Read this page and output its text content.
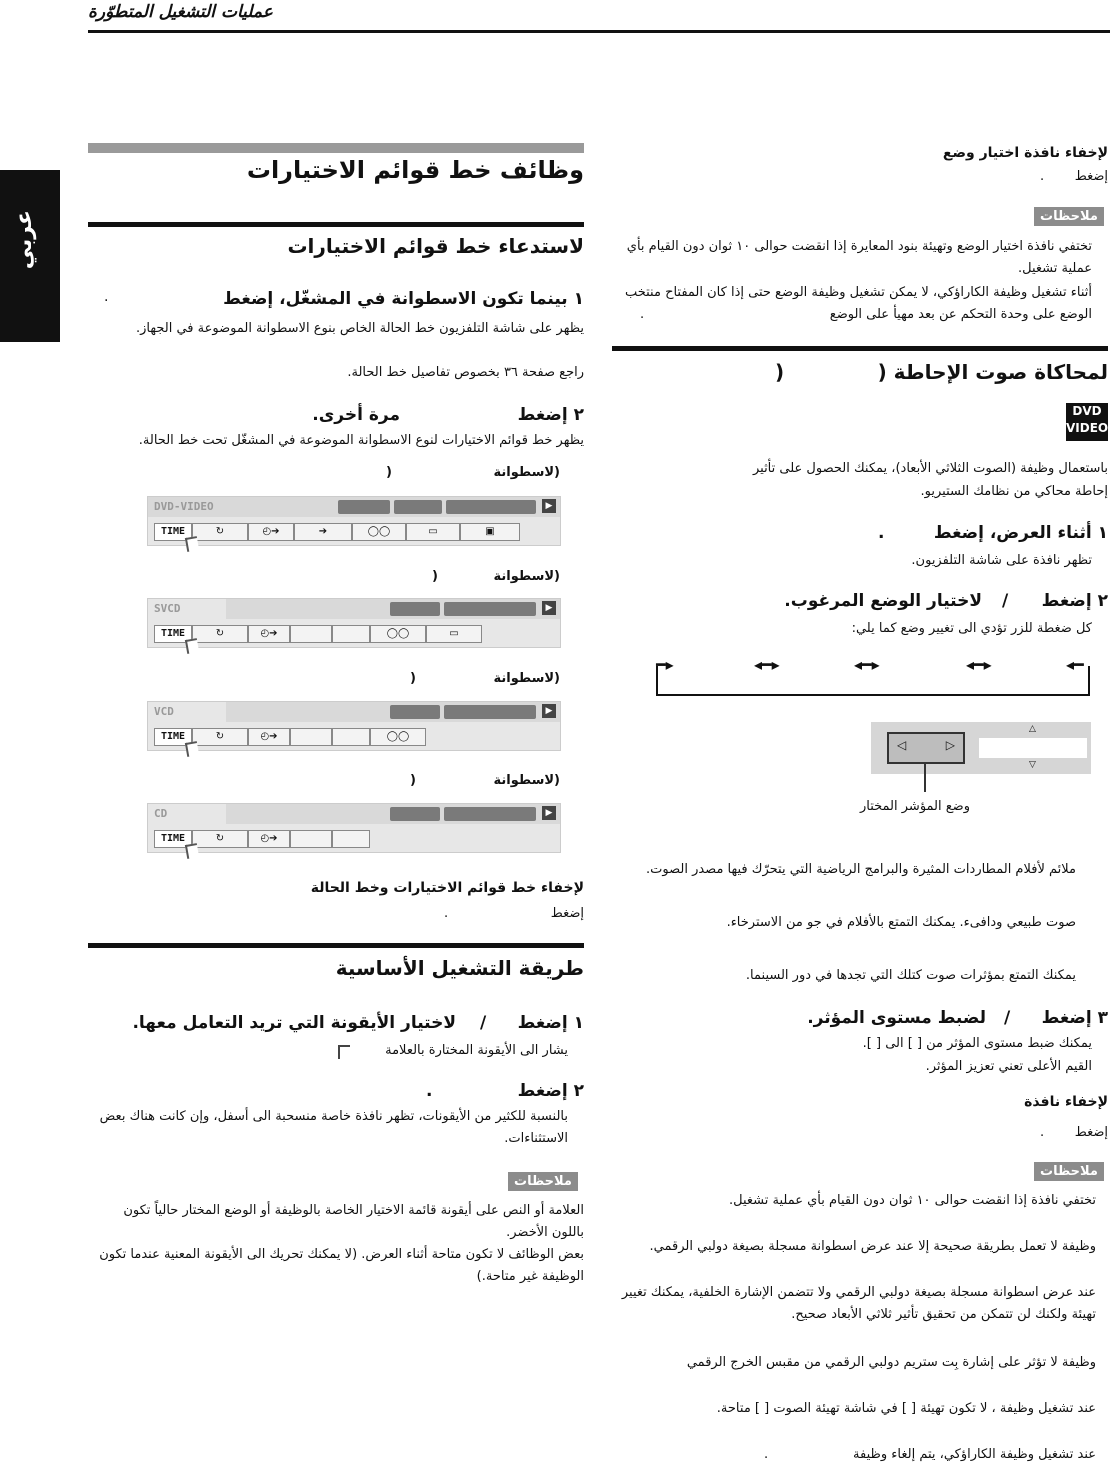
عمليات التشغيل المتطوّرة
عربي
وظائف خط قوائم الاختيارات
لاستدعاء خط قوائم الاختيارات
١ بينما تكون الاسطوانة في المشغّل، إضغط
.
يظهر على شاشة التلفزيون خط الحالة الخاص بنوع الاسطوانة الموضوعة في الجهاز.
راجع صفحة ٣٦ بخصوص تفاصيل خط الحالة.
٢ إضغط
مرة أخرى.
يظهر خط قوائم الاختيارات لنوع الاسطوانة الموضوعة في المشغّل تحت خط الحالة.
(لاسطوانة
)
(لاسطوانة
)
(لاسطوانة
)
(لاسطوانة
)
DVD-VIDEO	▶
TIME	↻	◴➔	➔	◯◯	▭	▣
SVCD	▶
TIME	↻	◴➔	◯◯	▭
VCD	▶
TIME	↻	◴➔	◯◯
CD	▶
TIME	↻	◴➔
لإخفاء خط قوائم الاختيارات وخط الحالة
إضغط
.
طريقة التشغيل الأساسية
١ إضغط
/
لاختيار الأيقونة التي تريد التعامل معها.
يشار الى الأيقونة المختارة بالعلامة
٢ إضغط
.
بالنسبة للكثير من الأيقونات، تظهر نافذة خاصة منسحبة الى أسفل، وإن كانت هناك بعض الاستثناءات.
ملاحظات
العلامة أو النص على أيقونة قائمة الاختيار الخاصة بالوظيفة أو الوضع المختار حالياً تكون باللون الأخضر.
بعض الوظائف لا تكون متاحة أثناء العرض. (لا يمكنك تحريك الى الأيقونة المعنية عندما تكون الوظيفة غير متاحة.)
لإخفاء نافذة اختيار وضع
إضغط
.
ملاحظات
تختفي نافذة اختيار الوضع وتهيئة بنود المعايرة إذا انقضت حوالى ١٠ ثوان دون القيام بأي عملية تشغيل.
أثناء تشغيل وظيفة الكاراؤكي، لا يمكن تشغيل وظيفة الوضع حتى إذا كان المفتاح منتخب الوضع على وحدة التحكم عن بعد مهيأ على الوضع
.
لمحاكاة صوت الإحاطة (
)
DVD
VIDEO
باستعمال وظيفة (الصوت الثلاثي الأبعاد)، يمكنك الحصول على تأثير
إحاطة محاكي من نظامك الستيريو.
١ أثناء العرض، إضغط
.
تظهر نافذة على شاشة التلفزيون.
٢ إضغط
/
لاختيار الوضع المرغوب.
كل ضغطة للزر تؤدي الى تغيير وضع كما يلي:
━▸	◂━▸	◂━▸	◂━▸	◂━
◁	▷
△
▽
وضع المؤشر المختار
ملائم لأفلام المطاردات المثيرة والبرامج الرياضية التي يتحرّك فيها مصدر الصوت.
صوت طبيعي ودافىء. يمكنك التمتع بالأفلام في جو من الاسترخاء.
يمكنك التمتع بمؤثرات صوت كتلك التي تجدها في دور السينما.
٣ إضغط
/
لضبط مستوى المؤثر.
يمكنك ضبط مستوى المؤثر من [ ] الى [ ].
القيم الأعلى تعني تعزيز المؤثر.
لإخفاء نافذة
إضغط
.
ملاحظات
تختفي نافذة إذا انقضت حوالى ١٠ ثوان دون القيام بأي عملية تشغيل.
وظيفة لا تعمل بطريقة صحيحة إلا عند عرض اسطوانة مسجلة بصيغة دولبي الرقمي.
عند عرض اسطوانة مسجلة بصيغة دولبي الرقمي ولا تتضمن الإشارة الخلفية، يمكنك تغيير تهيئة ولكنك لن تتمكن من تحقيق تأثير ثلاثي الأبعاد صحيح.
وظيفة لا تؤثر على إشارة بِت ستريم دولبي الرقمي من مقبس الخرج الرقمي
عند تشغيل وظيفة ، لا تكون تهيئة [ ] في شاشة تهيئة الصوت [ ] متاحة.
عند تشغيل وظيفة الكاراؤكي، يتم إلغاء وظيفة
.
